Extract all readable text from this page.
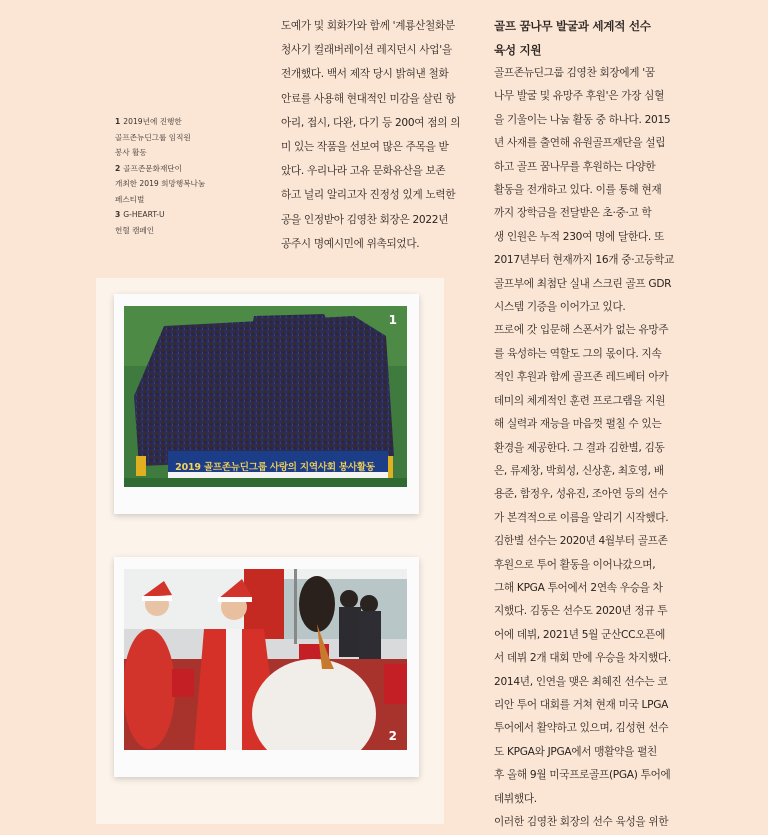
1 2019년에 진행한
골프존뉴딘그룹 임직원
봉사 활동
2 골프존문화재단이
개최한 2019 희망행복나눔
페스티벌
3 G-HEART-U
헌혈 캠페인

도예가 및 회화가와 함께 '계룡산철화분
청사기 컬래버레이션 레지던시 사업'을
전개했다. 백서 제작 당시 밝혀낸 철화
안료를 사용해 현대적인 미감을 살린 항
아리, 접시, 다완, 다기 등 200여 점의 의
미 있는 작품을 선보여 많은 주목을 받
았다. 우리나라 고유 문화유산을 보존
하고 널리 알리고자 진정성 있게 노력한
공을 인정받아 김영찬 회장은 2022년
공주시 명예시민에 위촉되었다.

골프 꿈나무 발굴과 세계적 선수
육성 지원

골프존뉴딘그룹 김영찬 회장에게 '꿈
나무 발굴 및 유망주 후원'은 가장 심혈
을 기울이는 나눔 활동 중 하나다. 2015
년 사재를 출연해 유원골프재단을 설립
하고 골프 꿈나무를 후원하는 다양한
활동을 전개하고 있다. 이를 통해 현재
까지 장학금을 전달받은 초·중·고 학
생 인원은 누적 230여 명에 달한다. 또
2017년부터 현재까지 16개 중·고등학교
골프부에 최첨단 실내 스크린 골프 GDR
시스템 기증을 이어가고 있다.
프로에 갓 입문해 스폰서가 없는 유망주
를 육성하는 역할도 그의 몫이다. 지속
적인 후원과 함께 골프존 레드베터 아카
데미의 체계적인 훈련 프로그램을 지원
해 실력과 재능을 마음껏 펼칠 수 있는
환경을 제공한다. 그 결과 김한별, 김동
은, 류제창, 박희성, 신상훈, 최호영, 배
용준, 함정우, 성유진, 조아연 등의 선수
가 본격적으로 이름을 알리기 시작했다.
김한별 선수는 2020년 4월부터 골프존
후원으로 투어 활동을 이어나갔으며,
그해 KPGA 투어에서 2연속 우승을 차
지했다. 김동은 선수도 2020년 정규 투
어에 데뷔, 2021년 5월 군산CC오픈에
서 데뷔 2개 대회 만에 우승을 차지했다.
2014년, 인연을 맺은 최혜진 선수는 코
리안 투어 대회를 거쳐 현재 미국 LPGA
투어에서 활약하고 있으며, 김성현 선수
도 KPGA와 JPGA에서 맹활약을 펼친
후 올해 9월 미국프로골프(PGA) 투어에
데뷔했다.
이러한 김영찬 회장의 선수 육성을 위한

2019 골프존뉴딘그룹 사랑의 지역사회 봉사활동
1
2
